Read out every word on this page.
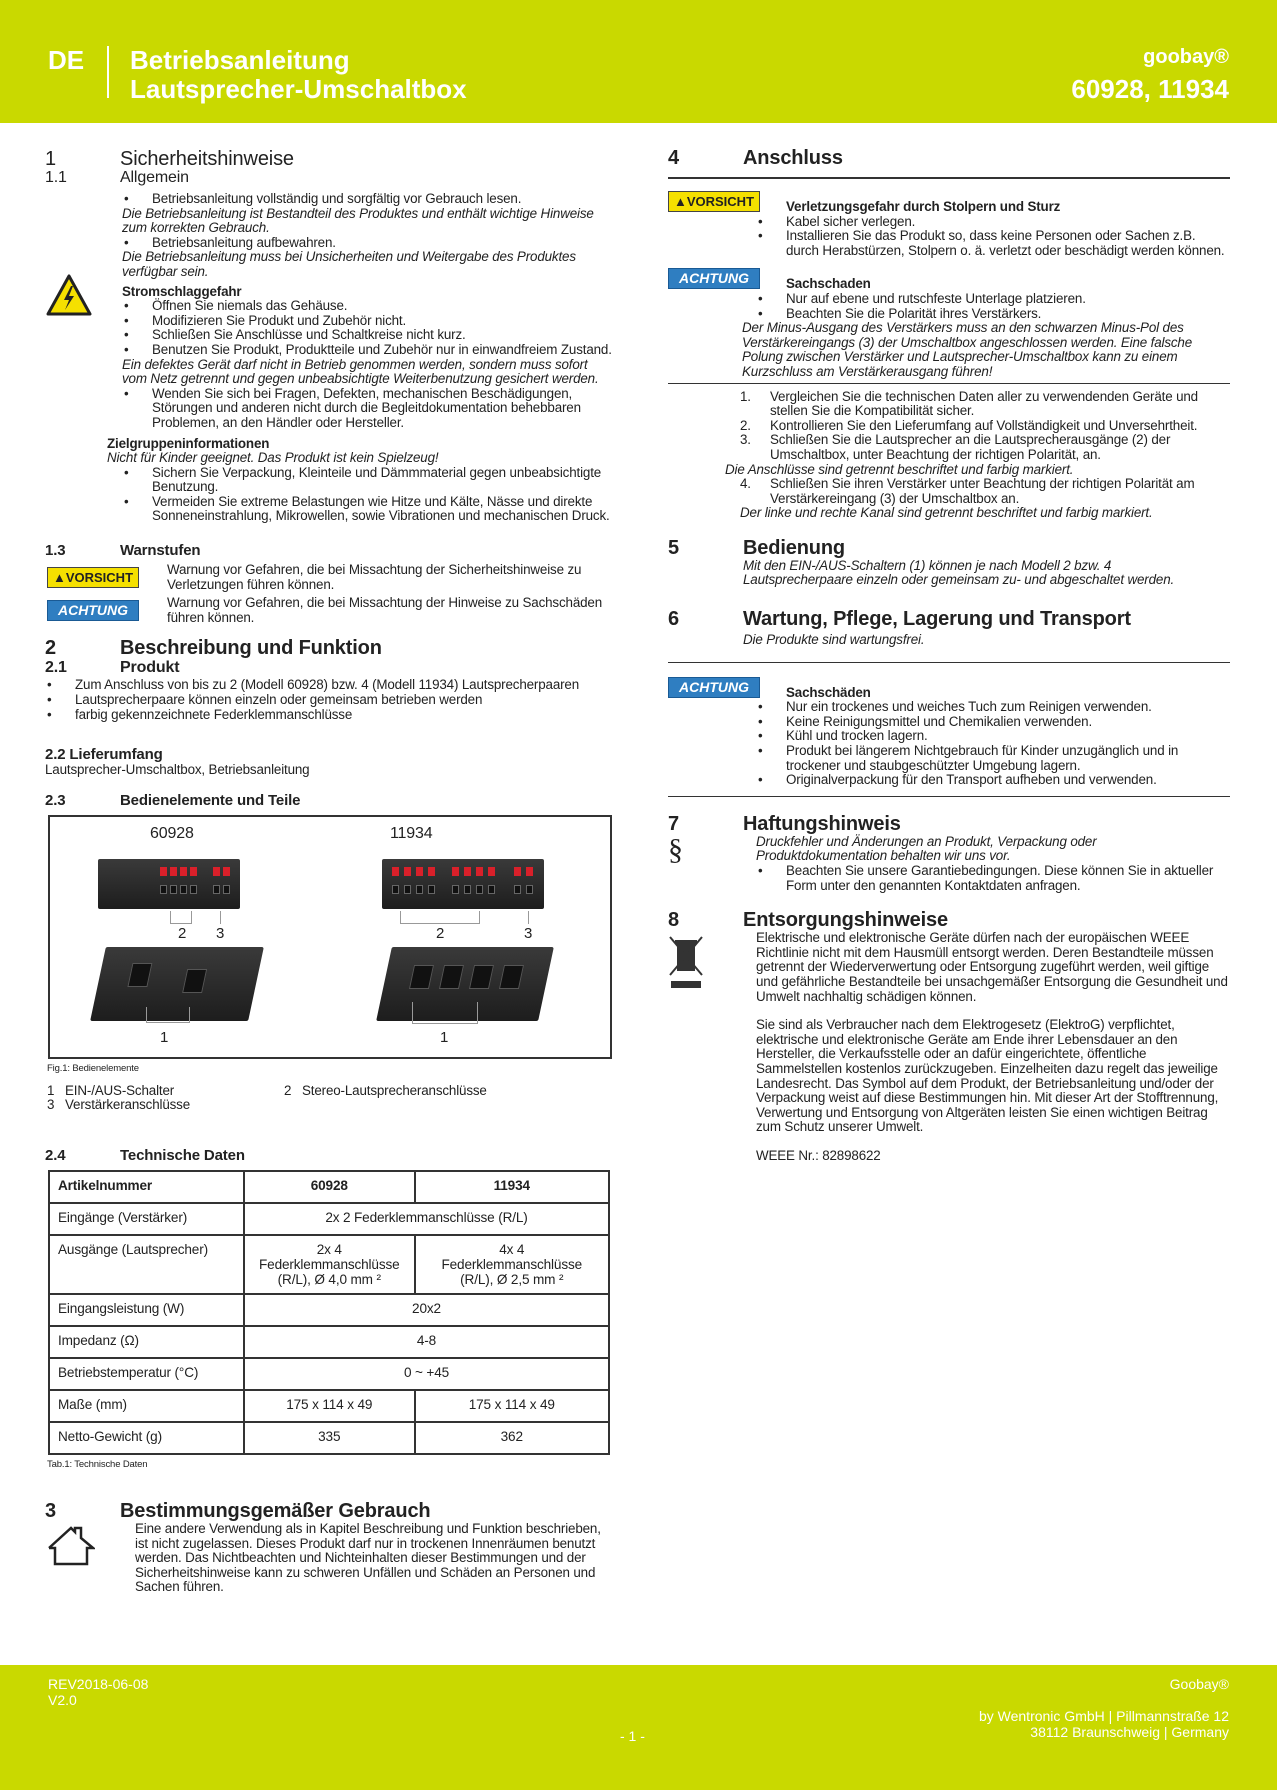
DE Betriebsanleitung
Lautsprecher-Umschaltbox
goobay®
60928, 11934
1	Sicherheitshinweise
1.1	Allgemein
• Betriebsanleitung vollständig und sorgfältig vor Gebrauch lesen.
Die Betriebsanleitung ist Bestandteil des Produktes und enthält wichtige Hinweise zum korrekten Gebrauch.
• Betriebsanleitung aufbewahren.
Die Betriebsanleitung muss bei Unsicherheiten und Weitergabe des Produktes verfügbar sein.
Stromschlaggefahr
• Öffnen Sie niemals das Gehäuse.
• Modifizieren Sie Produkt und Zubehör nicht.
• Schließen Sie Anschlüsse und Schaltkreise nicht kurz.
• Benutzen Sie Produkt, Produktteile und Zubehör nur in einwandfreiem Zustand.
Ein defektes Gerät darf nicht in Betrieb genommen werden, sondern muss sofort vom Netz getrennt und gegen unbeabsichtigte Weiterbenutzung gesichert werden.
• Wenden Sie sich bei Fragen, Defekten, mechanischen Beschädigungen, Störungen und anderen nicht durch die Begleitdokumentation behebbaren Problemen, an den Händler oder Hersteller.
Zielgruppeninformationen
Nicht für Kinder geeignet. Das Produkt ist kein Spielzeug!
• Sichern Sie Verpackung, Kleinteile und Dämmmaterial gegen unbeabsichtigte Benutzung.
• Vermeiden Sie extreme Belastungen wie Hitze und Kälte, Nässe und direkte Sonneneinstrahlung, Mikrowellen, sowie Vibrationen und mechanischen Druck.
1.3	Warnstufen
▲VORSICHT
Warnung vor Gefahren, die bei Missachtung der Sicherheitshinweise zu Verletzungen führen können.
ACHTUNG	Warnung vor Gefahren, die bei Missachtung der Hinweise zu Sachschäden führen können.
2	Beschreibung und Funktion
2.1	Produkt
• Zum Anschluss von bis zu 2 (Modell 60928) bzw. 4 (Modell 11934) Lautsprecherpaaren
• Lautsprecherpaare können einzeln oder gemeinsam betrieben werden
• farbig gekennzeichnete Federklemmanschlüsse
2.2 Lieferumfang
Lautsprecher-Umschaltbox, Betriebsanleitung
2.3	Bedienelemente und Teile
60928	11934
2 3	2	3
1	1
Fig.1: Bedienelemente
1   EIN-/AUS-Schalter	2   Stereo-Lautsprecheranschlüsse
3   Verstärkeranschlüsse
2.4	Technische Daten
Artikelnummer	60928	11934
Eingänge (Verstärker)	2x 2 Federklemmanschlüsse (R/L)	
Ausgänge (Lautsprecher)	2x 4 Federklemmanschlüsse (R/L), Ø 4,0 mm ²	4x 4 Federklemmanschlüsse (R/L), Ø 2,5 mm ²
Eingangsleistung (W)	20x2	
Impedanz (Ω)	4-8	
Betriebstemperatur (°C)	0 ~ +45	
Maße (mm)	175 x 114 x 49	175 x 114 x 49
Netto-Gewicht (g)	335	362
Tab.1: Technische Daten
3	Bestimmungsgemäßer Gebrauch
Eine andere Verwendung als in Kapitel Beschreibung und Funktion beschrieben, ist nicht zugelassen. Dieses Produkt darf nur in trockenen Innenräumen benutzt werden. Das Nichtbeachten und Nichteinhalten dieser Bestimmungen und der Sicherheitshinweise kann zu schweren Unfällen und Schäden an Personen und Sachen führen.
4	Anschluss
▲VORSICHT	Verletzungsgefahr durch Stolpern und Sturz
• Kabel sicher verlegen.
• Installieren Sie das Produkt so, dass keine Personen oder Sachen z.B. durch Herabstürzen, Stolpern o. ä. verletzt oder beschädigt werden können.
ACHTUNG	Sachschaden
• Nur auf ebene und rutschfeste Unterlage platzieren.
• Beachten Sie die Polarität ihres Verstärkers.
Der Minus-Ausgang des Verstärkers muss an den schwarzen Minus-Pol des Verstärkereingangs (3) der Umschaltbox angeschlossen werden. Eine falsche Polung zwischen Verstärker und Lautsprecher-Umschaltbox kann zu einem Kurzschluss am Verstärkerausgang führen!
1. Vergleichen Sie die technischen Daten aller zu verwendenden Geräte und stellen Sie die Kompatibilität sicher.
2. Kontrollieren Sie den Lieferumfang auf Vollständigkeit und Unversehrtheit.
3. Schließen Sie die Lautsprecher an die Lautsprecherausgänge (2) der Umschaltbox, unter Beachtung der richtigen Polarität, an.
Die Anschlüsse sind getrennt beschriftet und farbig markiert.
4. Schließen Sie ihren Verstärker unter Beachtung der richtigen Polarität am Verstärkereingang (3) der Umschaltbox an.
Der linke und rechte Kanal sind getrennt beschriftet und farbig markiert.
5	Bedienung
Mit den EIN-/AUS-Schaltern (1) können je nach Modell 2 bzw. 4 Lautsprecherpaare einzeln oder gemeinsam zu- und abgeschaltet werden.
6	Wartung, Pflege, Lagerung und Transport
Die Produkte sind wartungsfrei.
ACHTUNG	Sachschäden
• Nur ein trockenes und weiches Tuch zum Reinigen verwenden.
• Keine Reinigungsmittel und Chemikalien verwenden.
• Kühl und trocken lagern.
• Produkt bei längerem Nichtgebrauch für Kinder unzugänglich und in trockener und staubgeschützter Umgebung lagern.
• Originalverpackung für den Transport aufheben und verwenden.
7	Haftungshinweis
§	Druckfehler und Änderungen an Produkt, Verpackung oder Produktdokumentation behalten wir uns vor.
• Beachten Sie unsere Garantiebedingungen. Diese können Sie in aktueller Form unter den genannten Kontaktdaten anfragen.
8	Entsorgungshinweise
Elektrische und elektronische Geräte dürfen nach der europäischen WEEE Richtlinie nicht mit dem Hausmüll entsorgt werden. Deren Bestandteile müssen getrennt der Wiederverwertung oder Entsorgung zugeführt werden, weil giftige und gefährliche Bestandteile bei unsachgemäßer Entsorgung die Gesundheit und Umwelt nachhaltig schädigen können.
Sie sind als Verbraucher nach dem Elektrogesetz (ElektroG) verpflichtet, elektrische und elektronische Geräte am Ende ihrer Lebensdauer an den Hersteller, die Verkaufsstelle oder an dafür eingerichtete, öffentliche Sammelstellen kostenlos zurückzugeben. Einzelheiten dazu regelt das jeweilige Landesrecht. Das Symbol auf dem Produkt, der Betriebsanleitung und/oder der Verpackung weist auf diese Bestimmungen hin. Mit dieser Art der Stofftrennung, Verwertung und Entsorgung von Altgeräten leisten Sie einen wichtigen Beitrag zum Schutz unserer Umwelt.
WEEE Nr.: 82898622
REV2018-06-08
V2.0
- 1 -
Goobay®
by Wentronic GmbH | Pillmannstraße 12
38112 Braunschweig | Germany
